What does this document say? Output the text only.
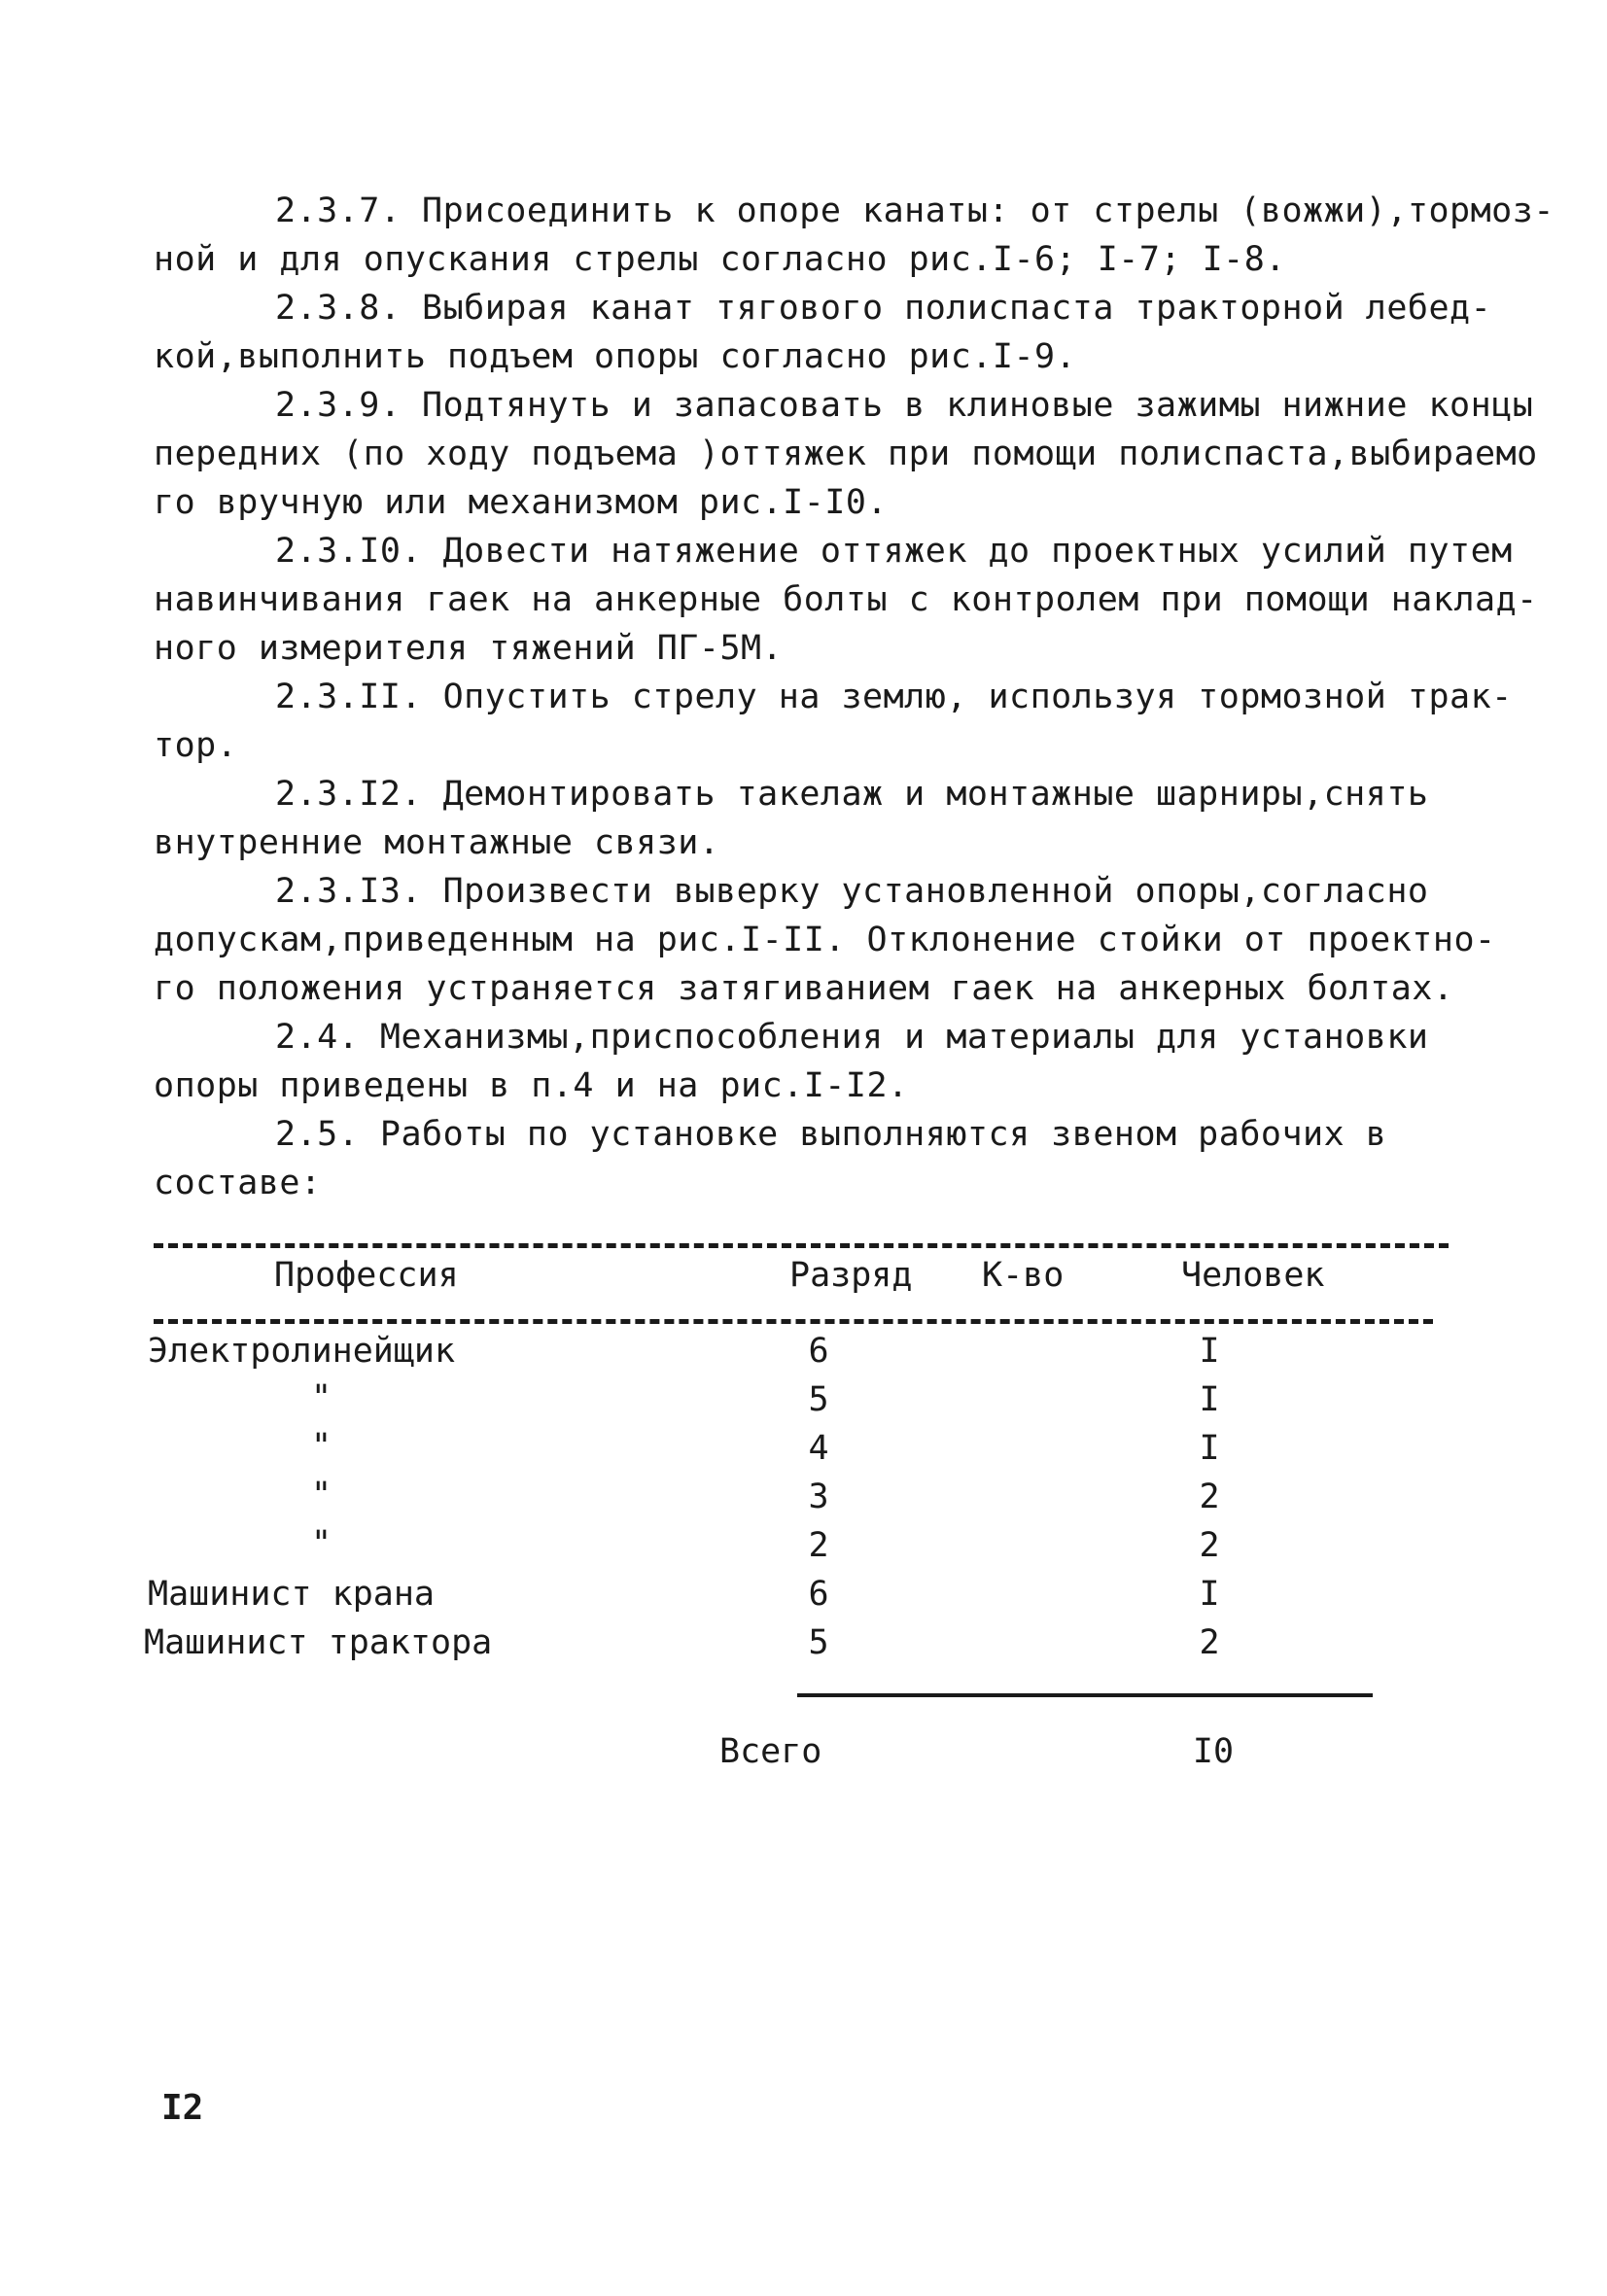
2.3.7. Присоединить к опоре канаты: от стрелы (вожжи),тормоз-
ной и для опускания стрелы согласно рис.I-6; I-7; I-8.
2.3.8. Выбирая канат тягового полиспаста тракторной лебед-
кой,выполнить подъем опоры согласно рис.I-9.
2.3.9. Подтянуть и запасовать в клиновые зажимы нижние концы
передних (по ходу подъема )оттяжек при помощи полиспаста,выбираемо
го вручную или механизмом рис.I-I0.
2.3.I0. Довести натяжение оттяжек до проектных усилий путем
навинчивания гаек на анкерные болты с контролем при помощи наклад-
ного измерителя тяжений ПГ-5М.
2.3.II. Опустить стрелу на землю, используя тормозной трак-
тор.
2.3.I2. Демонтировать такелаж и монтажные шарниры,снять
внутренние монтажные связи.
2.3.I3. Произвести выверку установленной опоры,согласно
допускам,приведенным на рис.I-II. Отклонение стойки от проектно-
го положения устраняется затягиванием гаек на анкерных болтах.
2.4. Механизмы,приспособления и материалы для установки
опоры приведены в п.4 и на рис.I-I2.
2.5. Работы по установке выполняются звеном рабочих в
составе:
Профессия	Разряд К-во	Человек
Электролинейщик	6	I
"	5	I
"	4	I
"	3	2
"	2	2
Машинист крана	6	I
Машинист трактора	5	2
Всего	I0
I2
